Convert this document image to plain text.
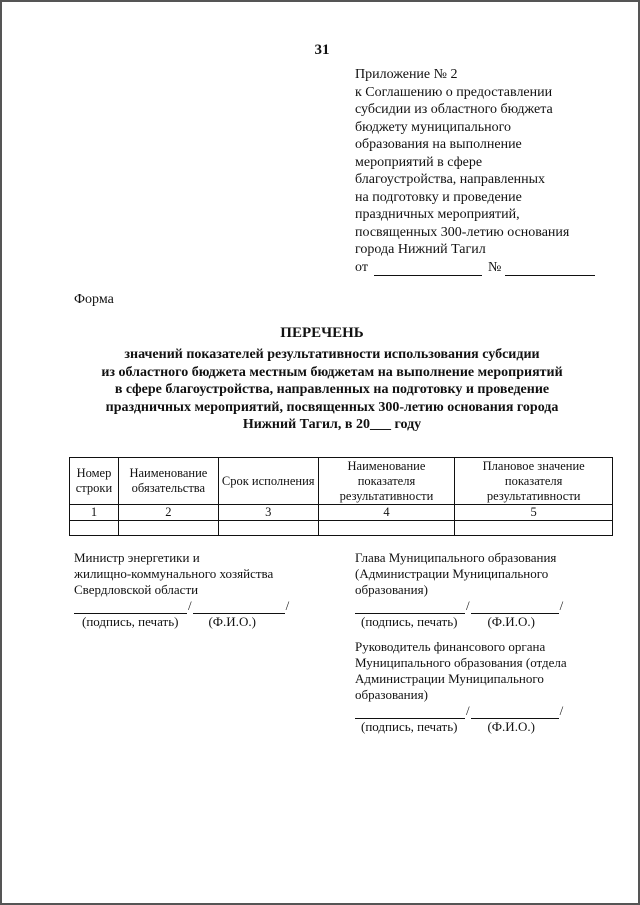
31
Приложение № 2
к Соглашению о предоставлении
субсидии из областного бюджета
бюджету муниципального
образования на выполнение
мероприятий в сфере
благоустройства, направленных
на подготовку и проведение
праздничных мероприятий,
посвященных 300-летию основания
города Нижний Тагил
от	№
Форма
ПЕРЕЧЕНЬ
значений показателей результативности использования субсидии
из областного бюджета местным бюджетам на выполнение мероприятий
в сфере благоустройства, направленных на подготовку и проведение
праздничных мероприятий, посвященных 300-летию основания города
Нижний Тагил, в 20___ году
Номер строки	Наименование обязательства	Срок исполнения	Наименование показателя результативности	Плановое значение показателя результативности
1	2	3	4	5

Министр энергетики и
жилищно-коммунального хозяйства
Свердловской области
/	/
(подпись, печать) (Ф.И.О.)
Глава Муниципального образования
(Администрации Муниципального
образования)
/	/
(подпись, печать) (Ф.И.О.)
Руководитель финансового органа
Муниципального образования (отдела
Администрации Муниципального
образования)
/	/
(подпись, печать) (Ф.И.О.)
